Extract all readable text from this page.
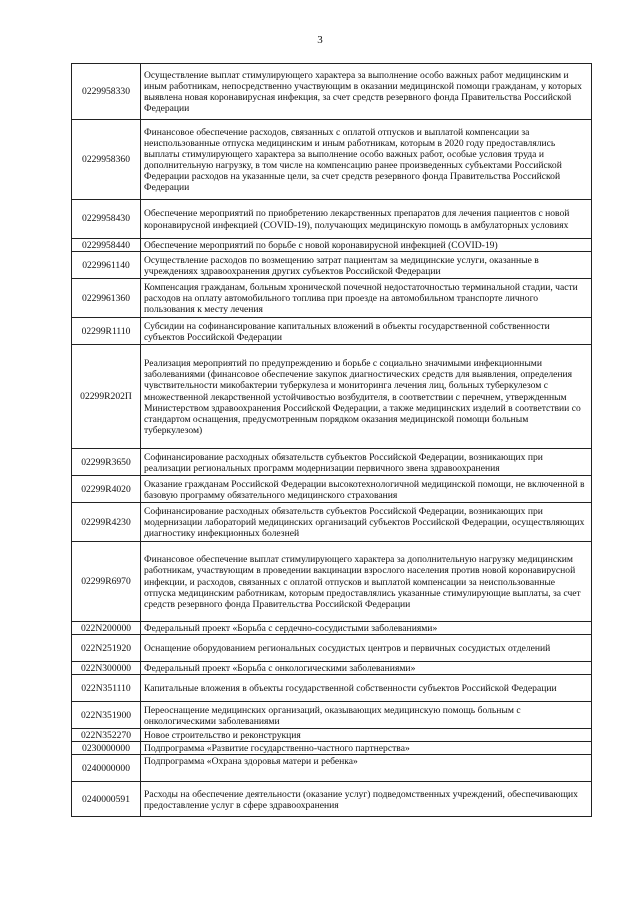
3
0229958330	Осуществление выплат стимулирующего характера за выполнение особо важных работ медицинским и иным работникам, непосредственно участвующим в оказании медицинской помощи гражданам, у которых выявлена новая коронавирусная инфекция, за счет средств резервного фонда Правительства Российской Федерации
0229958360	Финансовое обеспечение расходов, связанных с оплатой отпусков и выплатой компенсации за неиспользованные отпуска медицинским и иным работникам, которым в 2020 году предоставлялись выплаты стимулирующего характера за выполнение особо важных работ, особые условия труда и дополнительную нагрузку, в том числе на компенсацию ранее произведенных субъектами Российской Федерации расходов на указанные цели, за счет средств резервного фонда Правительства Российской Федерации
0229958430	Обеспечение мероприятий по приобретению лекарственных препаратов для лечения пациентов с новой коронавирусной инфекцией (COVID-19), получающих медицинскую помощь в амбулаторных условиях
0229958440	Обеспечение мероприятий по борьбе с новой коронавирусной инфекцией (COVID-19)
0229961140	Осуществление расходов по возмещению затрат пациентам за медицинские услуги, оказанные в учреждениях здравоохранения других субъектов Российской Федерации
0229961360	Компенсация гражданам, больным хронической почечной недостаточностью терминальной стадии, части расходов на оплату автомобильного топлива при проезде на автомобильном транспорте личного пользования к месту лечения
02299R1110	Субсидии на софинансирование капитальных вложений в объекты государственной собственности субъектов Российской Федерации
02299R202П	Реализация мероприятий по предупреждению и борьбе с социально значимыми инфекционными заболеваниями (финансовое обеспечение закупок диагностических средств для выявления, определения чувствительности микобактерии туберкулеза и мониторинга лечения лиц, больных туберкулезом с множественной лекарственной устойчивостью возбудителя, в соответствии с перечнем, утвержденным Министерством здравоохранения Российской Федерации, а также медицинских изделий в соответствии со стандартом оснащения, предусмотренным порядком оказания медицинской помощи больным туберкулезом)
02299R3650	Софинансирование расходных обязательств субъектов Российской Федерации, возникающих при реализации региональных программ модернизации первичного звена здравоохранения
02299R4020	Оказание гражданам Российской Федерации высокотехнологичной медицинской помощи, не включенной в базовую программу обязательного медицинского страхования
02299R4230	Софинансирование расходных обязательств субъектов Российской Федерации, возникающих при модернизации лабораторий медицинских организаций субъектов Российской Федерации, осуществляющих диагностику инфекционных болезней
02299R6970	Финансовое обеспечение выплат стимулирующего характера за дополнительную нагрузку медицинским работникам, участвующим в проведении вакцинации взрослого населения против новой коронавирусной инфекции, и расходов, связанных с оплатой отпусков и выплатой компенсации за неиспользованные отпуска медицинским работникам, которым предоставлялись указанные стимулирующие выплаты, за счет средств резервного фонда Правительства Российской Федерации
022N200000	Федеральный проект «Борьба с сердечно-сосудистыми заболеваниями»
022N251920	Оснащение оборудованием региональных сосудистых центров и первичных сосудистых отделений
022N300000	Федеральный проект «Борьба с онкологическими заболеваниями»
022N351110	Капитальные вложения в объекты государственной собственности субъектов Российской Федерации
022N351900	Переоснащение медицинских организаций, оказывающих медицинскую помощь больным с онкологическими заболеваниями
022N352270	Новое строительство и реконструкция
0230000000	Подпрограмма «Развитие государственно-частного партнерства»
0240000000	Подпрограмма «Охрана здоровья матери и ребенка»
0240000591	Расходы на обеспечение деятельности (оказание услуг) подведомственных учреждений, обеспечивающих предоставление услуг в сфере здравоохранения
